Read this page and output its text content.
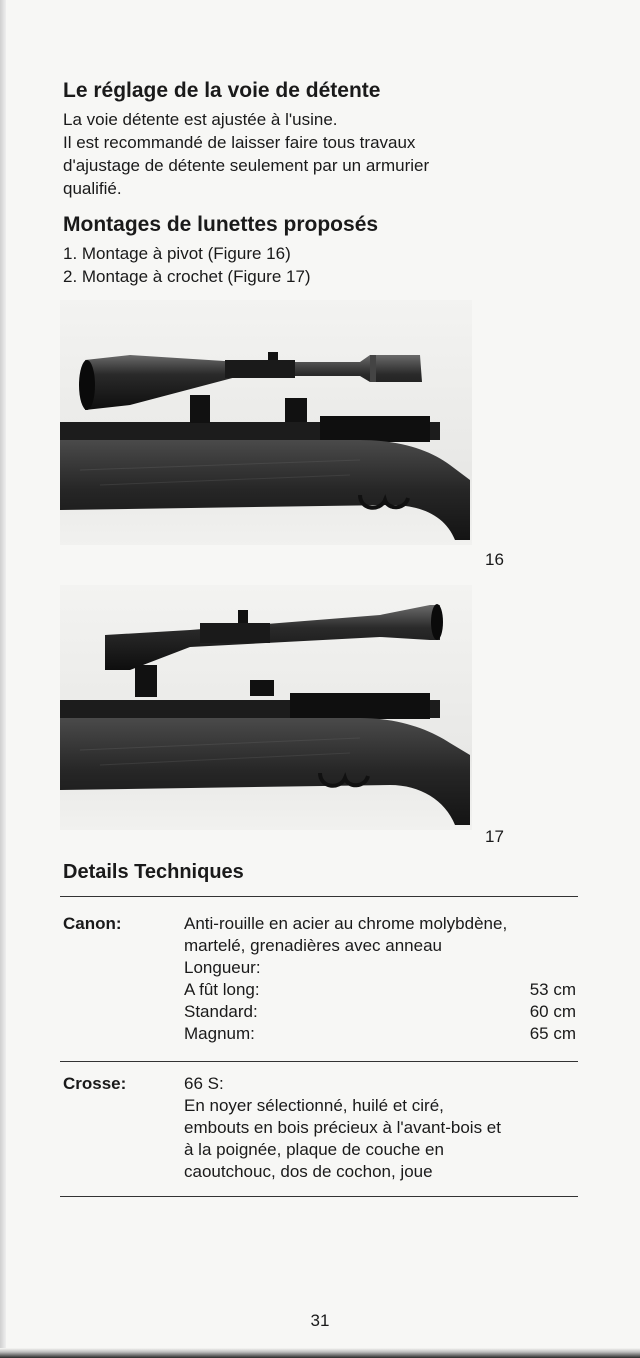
Le réglage de la voie de détente

La voie détente est ajustée à l'usine.
Il est recommandé de laisser faire tous travaux
d'ajustage de détente seulement par un armurier
qualifié.

Montages de lunettes proposés

1. Montage à pivot (Figure 16)
2. Montage à crochet (Figure 17)

16
17
Details Techniques
Canon:	Anti-rouille en acier au chrome molybdène,
martelé, grenadières avec anneau
Longueur:
A fût long:	53 cm
Standard:	60 cm
Magnum:	65 cm
Crosse:	66 S:
En noyer sélectionné, huilé et ciré,
embouts en bois précieux à l'avant-bois et
à la poignée, plaque de couche en
caoutchouc, dos de cochon, joue
31
